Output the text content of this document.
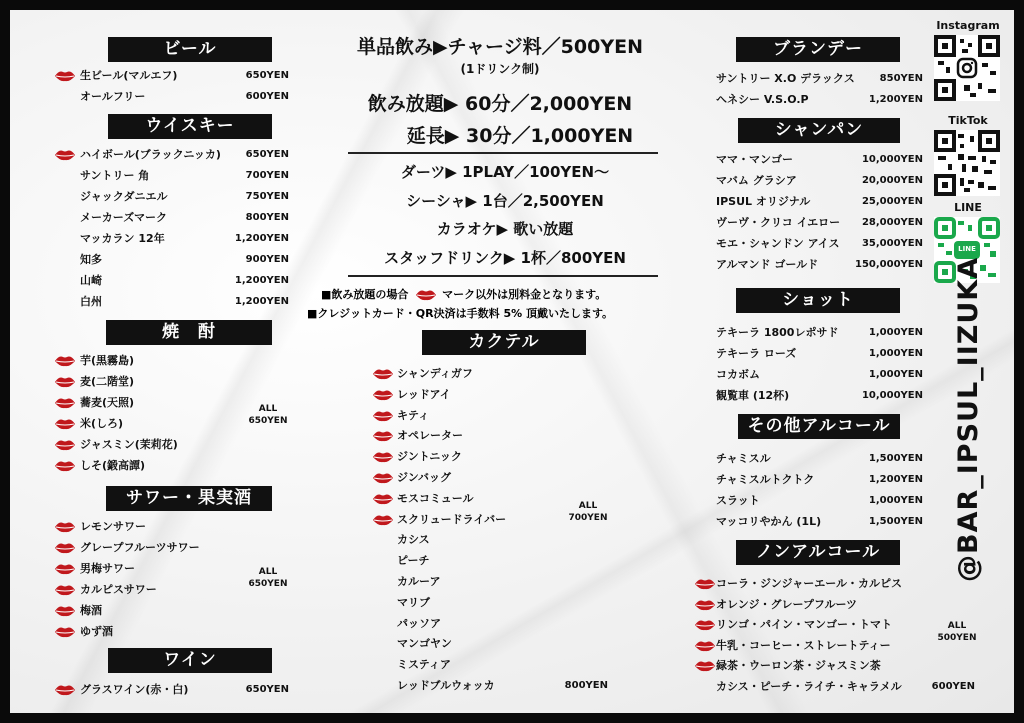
ビール
ウイスキー
焼　酎
ALL
650YEN
サワー・果実酒
ALL
650YEN
ワイン
単品飲み▶チャージ料／500YEN
(1ドリンク制)
飲み放題▶ 60分／2,000YEN
延長▶ 30分／1,000YEN
ダーツ▶ 1PLAY／100YEN〜
シーシャ▶ 1台／2,500YEN
カラオケ▶ 歌い放題
スタッフドリンク▶ 1杯／800YEN
■飲み放題の場合	マーク以外は別料金となります。
■クレジットカード・QR決済は手数料 5% 頂戴いたします。
カクテル
ALL
700YEN
ブランデー
シャンパン
ショット
その他アルコール
ノンアルコール
ALL
500YEN
Instagram
TikTok
LINE
LINE
@BAR_IPSUL_IIZUKA
生ビール(マルエフ)	650YEN
オールフリー	600YEN
ハイボール(ブラックニッカ)	650YEN
サントリー 角	700YEN
ジャックダニエル	750YEN
メーカーズマーク	800YEN
マッカラン 12年	1,200YEN
知多	900YEN
山崎	1,200YEN
白州	1,200YEN
芋(黒霧島)
麦(二階堂)
蕎麦(天照)
米(しろ)
ジャスミン(茉莉花)
しそ(鍛高譚)
レモンサワー
グレープフルーツサワー
男梅サワー
カルピスサワー
梅酒
ゆず酒
グラスワイン(赤・白)	650YEN
シャンディガフ
レッドアイ
キティ
オペレーター
ジントニック
ジンバッグ
モスコミュール
スクリュードライバー
カシス
ピーチ
カルーア
マリブ
パッソア
マンゴヤン
ミスティア
レッドブルウォッカ	800YEN
サントリー X.O デラックス	850YEN
ヘネシー V.S.O.P	1,200YEN
ママ・マンゴー	10,000YEN
マバム グラシア	20,000YEN
IPSUL オリジナル	25,000YEN
ヴーヴ・クリコ イエロー	28,000YEN
モエ・シャンドン アイス	35,000YEN
アルマンド ゴールド	150,000YEN
テキーラ 1800レポサド	1,000YEN
テキーラ ローズ	1,000YEN
コカボム	1,000YEN
観覧車 (12杯)	10,000YEN
チャミスル	1,500YEN
チャミスルトクトク	1,200YEN
スラット	1,000YEN
マッコリやかん (1L)	1,500YEN
コーラ・ジンジャーエール・カルピス
オレンジ・グレープフルーツ
リンゴ・パイン・マンゴー・トマト
牛乳・コーヒー・ストレートティー
緑茶・ウーロン茶・ジャスミン茶
カシス・ピーチ・ライチ・キャラメル	600YEN
